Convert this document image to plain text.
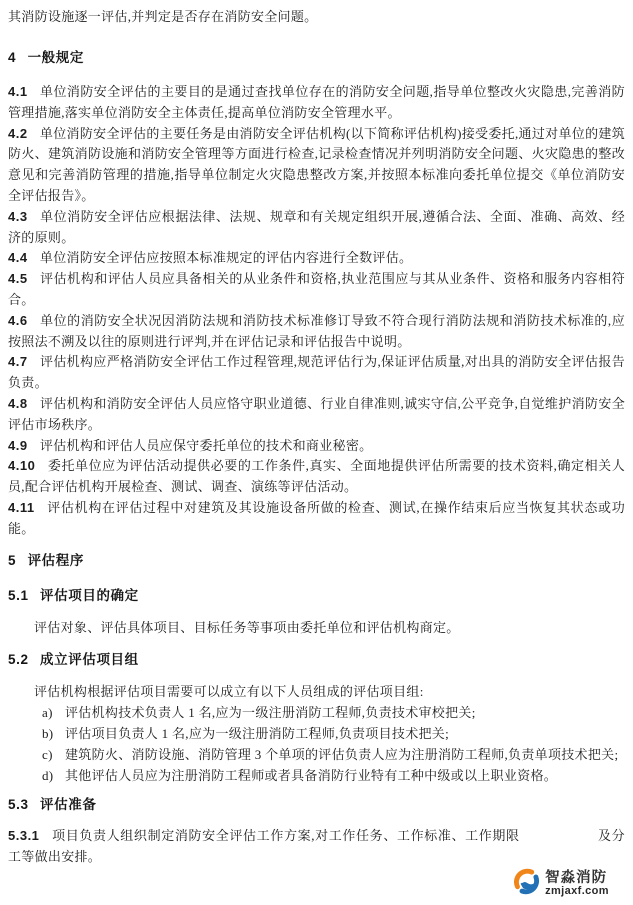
其消防设施逐一评估,并判定是否存在消防安全问题。

4 一般规定

4.1 单位消防安全评估的主要目的是通过查找单位存在的消防安全问题,指导单位整改火灾隐患,完善消防管理措施,落实单位消防安全主体责任,提高单位消防安全管理水平。

4.2 单位消防安全评估的主要任务是由消防安全评估机构(以下简称评估机构)接受委托,通过对单位的建筑防火、建筑消防设施和消防安全管理等方面进行检查,记录检查情况并列明消防安全问题、火灾隐患的整改意见和完善消防管理的措施,指导单位制定火灾隐患整改方案,并按照本标准向委托单位提交《单位消防安全评估报告》。

4.3 单位消防安全评估应根据法律、法规、规章和有关规定组织开展,遵循合法、全面、准确、高效、经济的原则。

4.4 单位消防安全评估应按照本标准规定的评估内容进行全数评估。

4.5 评估机构和评估人员应具备相关的从业条件和资格,执业范围应与其从业条件、资格和服务内容相符合。

4.6 单位的消防安全状况因消防法规和消防技术标准修订导致不符合现行消防法规和消防技术标准的,应按照法不溯及以往的原则进行评判,并在评估记录和评估报告中说明。

4.7 评估机构应严格消防安全评估工作过程管理,规范评估行为,保证评估质量,对出具的消防安全评估报告负责。

4.8 评估机构和消防安全评估人员应恪守职业道德、行业自律准则,诚实守信,公平竞争,自觉维护消防安全评估市场秩序。

4.9 评估机构和评估人员应保守委托单位的技术和商业秘密。

4.10 委托单位应为评估活动提供必要的工作条件,真实、全面地提供评估所需要的技术资料,确定相关人员,配合评估机构开展检查、测试、调查、演练等评估活动。

4.11 评估机构在评估过程中对建筑及其设施设备所做的检查、测试,在操作结束后应当恢复其状态或功能。

5 评估程序
5.1 评估项目的确定

评估对象、评估具体项目、目标任务等事项由委托单位和评估机构商定。

5.2 成立评估项目组

评估机构根据评估项目需要可以成立有以下人员组成的评估项目组:

a) 评估机构技术负责人 1 名,应为一级注册消防工程师,负责技术审校把关;

b) 评估项目负责人 1 名,应为一级注册消防工程师,负责项目技术把关;

c) 建筑防火、消防设施、消防管理 3 个单项的评估负责人应为注册消防工程师,负责单项技术把关;

d) 其他评估人员应为注册消防工程师或者具备消防行业特有工种中级或以上职业资格。

5.3 评估准备

5.3.1 项目负责人组织制定消防安全评估工作方案,对工作任务、工作标准、工作期限	及分工等做出安排。

智淼消防
zmjaxf.com
